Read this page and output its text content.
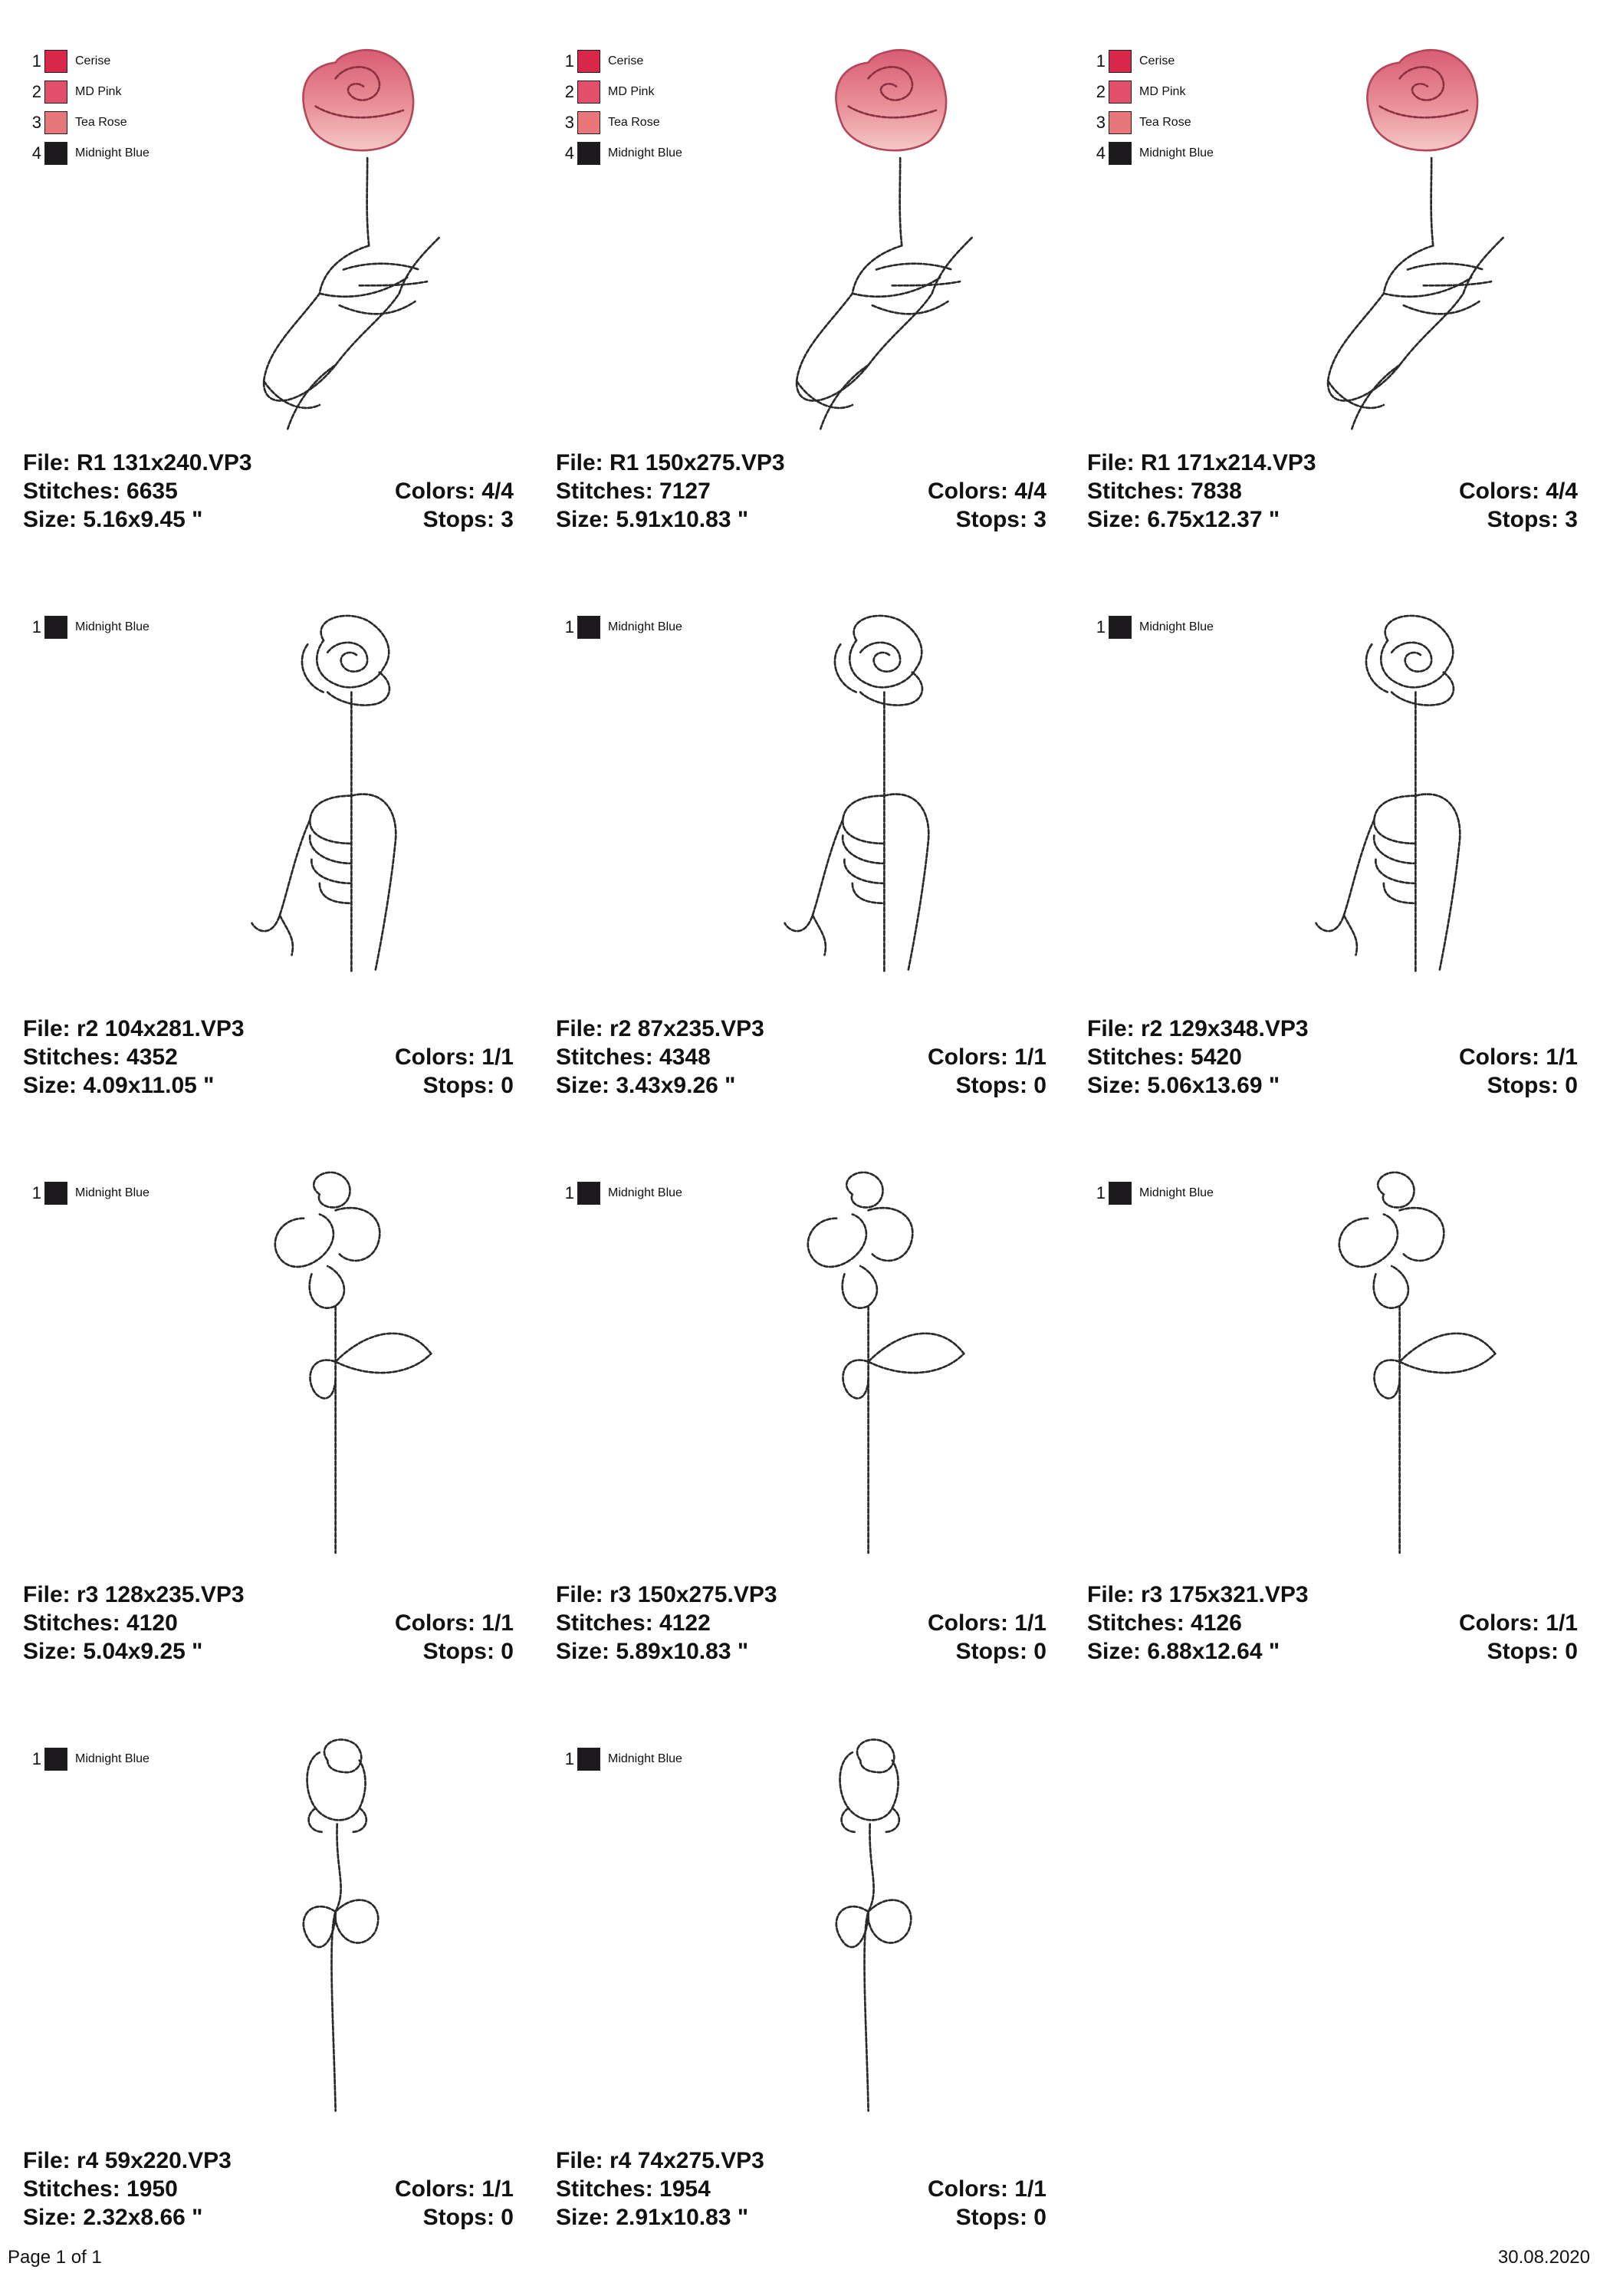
1	Cerise
2	MD Pink
3	Tea Rose
4	Midnight Blue
File: R1 131x240.VP3
Stitches: 6635	Colors: 4/4
Size: 5.16x9.45 "	Stops: 3
1	Cerise
2	MD Pink
3	Tea Rose
4	Midnight Blue
File: R1 150x275.VP3
Stitches: 7127	Colors: 4/4
Size: 5.91x10.83 "	Stops: 3
1	Cerise
2	MD Pink
3	Tea Rose
4	Midnight Blue
File: R1 171x214.VP3
Stitches: 7838	Colors: 4/4
Size: 6.75x12.37 "	Stops: 3
1	Midnight Blue
File: r2 104x281.VP3
Stitches: 4352	Colors: 1/1
Size: 4.09x11.05 "	Stops: 0
1	Midnight Blue
File: r2 87x235.VP3
Stitches: 4348	Colors: 1/1
Size: 3.43x9.26 "	Stops: 0
1	Midnight Blue
File: r2 129x348.VP3
Stitches: 5420	Colors: 1/1
Size: 5.06x13.69 "	Stops: 0
1	Midnight Blue
File: r3 128x235.VP3
Stitches: 4120	Colors: 1/1
Size: 5.04x9.25 "	Stops: 0
1	Midnight Blue
File: r3 150x275.VP3
Stitches: 4122	Colors: 1/1
Size: 5.89x10.83 "	Stops: 0
1	Midnight Blue
File: r3 175x321.VP3
Stitches: 4126	Colors: 1/1
Size: 6.88x12.64 "	Stops: 0
1	Midnight Blue
File: r4 59x220.VP3
Stitches: 1950	Colors: 1/1
Size: 2.32x8.66 "	Stops: 0
1	Midnight Blue
File: r4 74x275.VP3
Stitches: 1954	Colors: 1/1
Size: 2.91x10.83 "	Stops: 0
Page 1 of 1	30.08.2020
